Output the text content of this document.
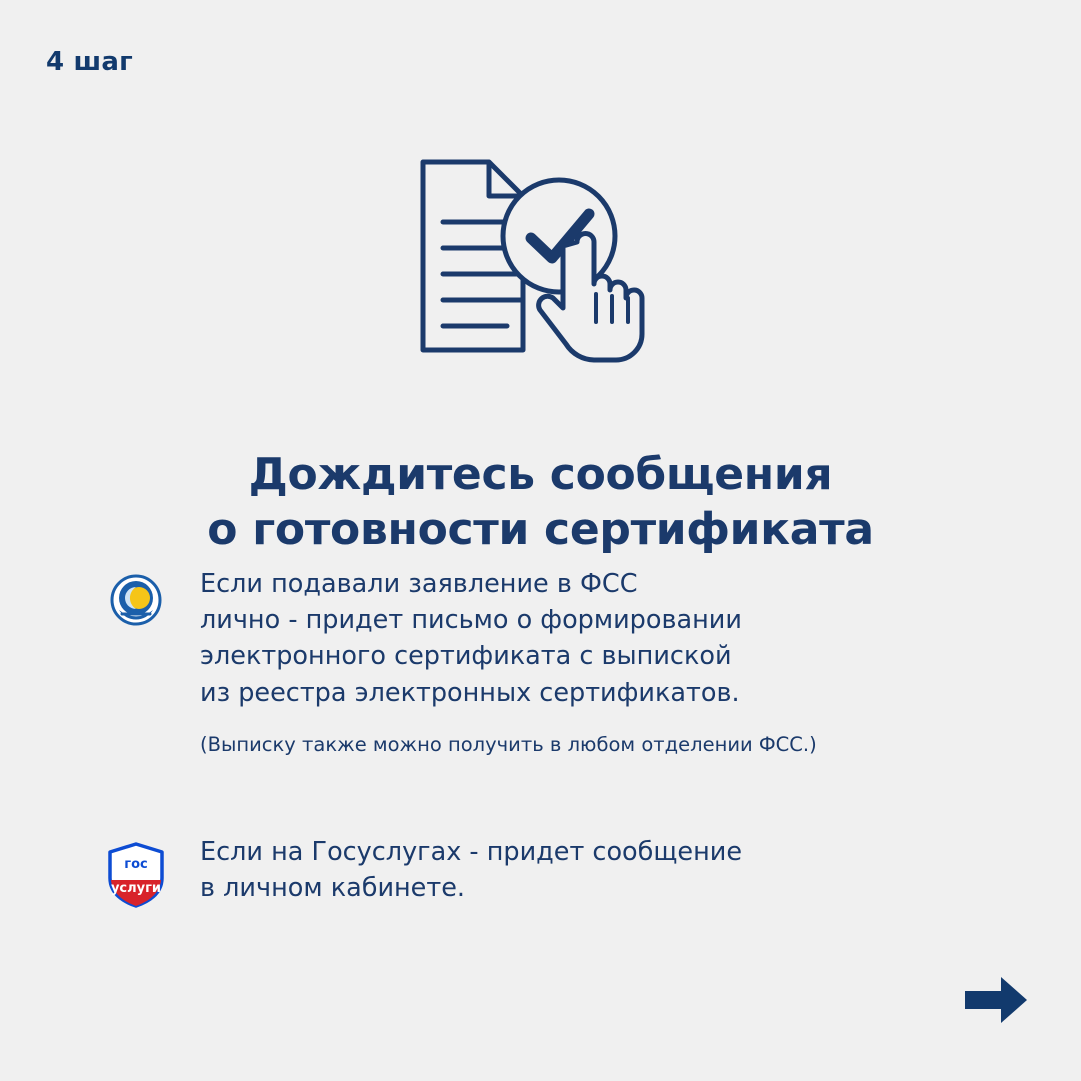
4 шаг
Дождитесь сообщения
о готовности сертификата
Если подавали заявление в ФСС
лично - придет письмо о формировании
электронного сертификата с выпиской
из реестра электронных сертификатов.
(Выписку также можно получить в любом отделении ФСС.)
гос
услуги
Если на Госуслугах - придет сообщение
в личном кабинете.
